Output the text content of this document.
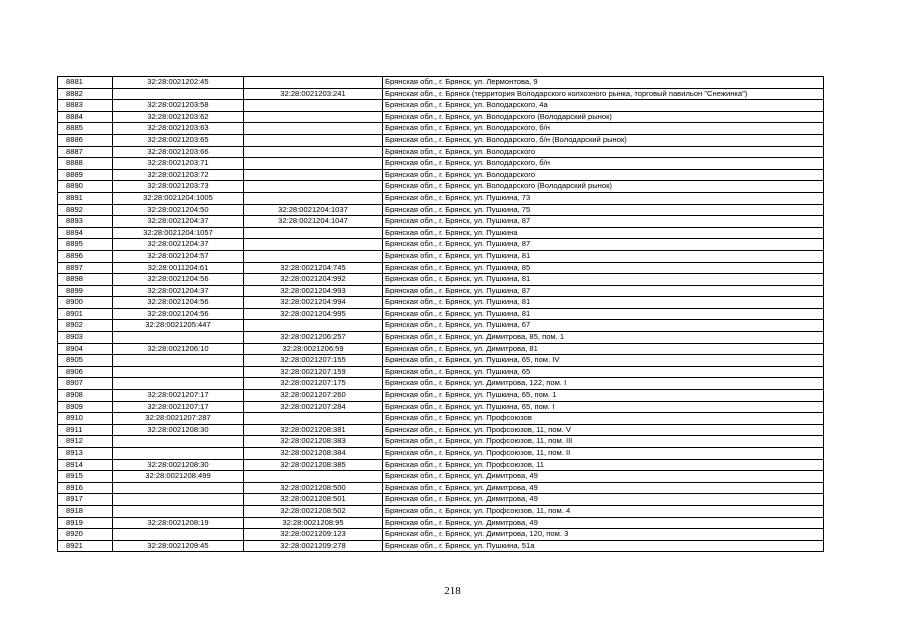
8881	32:28:0021202:45		Брянская обл., г. Брянск, ул. Лермонтова, 9
8882		32:28:0021203:241	Брянская обл., г. Брянск (территория Володарского колхозного рынка, торговый павильон "Снежинка")
8883	32:28:0021203:58		Брянская обл., г. Брянск, ул. Володарского, 4а
8884	32:28:0021203:62		Брянская обл., г. Брянск, ул. Володарского (Володарский рынок)
8885	32:28:0021203:63		Брянская обл., г. Брянск, ул. Володарского, б/н
8886	32:28:0021203:65		Брянская обл., г. Брянск, ул. Володарского, б/н (Володарский рынок)
8887	32:28:0021203:66		Брянская обл., г. Брянск, ул. Володарского
8888	32:28:0021203:71		Брянская обл., г. Брянск, ул. Володарского, б/н
8889	32:28:0021203:72		Брянская обл., г. Брянск, ул. Володарского
8890	32:28:0021203:73		Брянская обл., г. Брянск, ул. Володарского (Володарский рынок)
8891	32:28:0021204:1005		Брянская обл., г. Брянск, ул. Пушкина, 73
8892	32:28:0021204:50	32:28:0021204:1037	Брянская обл., г. Брянск, ул. Пушкина, 75
8893	32:28:0021204:37	32:28:0021204:1047	Брянская обл., г. Брянск, ул. Пушкина, 87
8894	32:28:0021204:1057		Брянская обл., г. Брянск, ул. Пушкина
8895	32:28:0021204:37		Брянская обл., г. Брянск, ул. Пушкина, 87
8896	32:28:0021204:57		Брянская обл., г. Брянск, ул. Пушкина, 81
8897	32:28:0011204:61	32:28:0021204:745	Брянская обл., г. Брянск, ул. Пушкина, 85
8898	32:28:0021204:56	32:28:0021204:992	Брянская обл., г. Брянск, ул. Пушкина, 81
8899	32:28:0021204:37	32:28:0021204:993	Брянская обл., г. Брянск, ул. Пушкина, 87
8900	32:28:0021204:56	32:28:0021204:994	Брянская обл., г. Брянск, ул. Пушкина, 81
8901	32:28:0021204:56	32:28:0021204:995	Брянская обл., г. Брянск, ул. Пушкина, 81
8902	32:28:0021205:447		Брянская обл., г. Брянск, ул. Пушкина, 67
8903		32:28:0021206:257	Брянская обл., г. Брянск, ул. Димитрова, 85, пом. 1
8904	32:28:0021206:10	32:28:0021206:59	Брянская обл., г. Брянск, ул. Димитрова, 81
8905		32:28:0021207:155	Брянская обл., г. Брянск, ул. Пушкина, 65, пом. IV
8906		32:28:0021207:159	Брянская обл., г. Брянск, ул. Пушкина, 65
8907		32:28:0021207:175	Брянская обл., г. Брянск, ул. Димитрова, 122, пом. I
8908	32:28:0021207:17	32:28:0021207:260	Брянская обл., г. Брянск, ул. Пушкина, 65, пом. 1
8909	32:28:0021207:17	32:28:0021207:284	Брянская обл., г. Брянск, ул. Пушкина, 65, пом. I
8910	32:28:0021207:287		Брянская обл., г. Брянск, ул. Профсоюзов
8911	32:28:0021208:30	32:28:0021208:381	Брянская обл., г. Брянск, ул. Профсоюзов, 11, пом. V
8912		32:28:0021208:383	Брянская обл., г. Брянск, ул. Профсоюзов, 11, пом. III
8913		32:28:0021208:384	Брянская обл., г. Брянск, ул. Профсоюзов, 11, пом. II
8914	32:28:0021208:30	32:28:0021208:385	Брянская обл., г. Брянск, ул. Профсоюзов, 11
8915	32:28:0021208:499		Брянская обл., г. Брянск, ул. Димитрова, 49
8916		32:28:0021208:500	Брянская обл., г. Брянск, ул. Димитрова, 49
8917		32:28:0021208:501	Брянская обл., г. Брянск, ул. Димитрова, 49
8918		32:28:0021208:502	Брянская обл., г. Брянск, ул. Профсоюзов, 11, пом. 4
8919	32:28:0021208:19	32:28:0021208:95	Брянская обл., г. Брянск, ул. Димитрова, 49
8920		32:28:0021209:123	Брянская обл., г. Брянск, ул. Димитрова, 120, пом. 3
8921	32:28:0021209:45	32:28:0021209:278	Брянская обл., г. Брянск, ул. Пушкина, 51а
218
